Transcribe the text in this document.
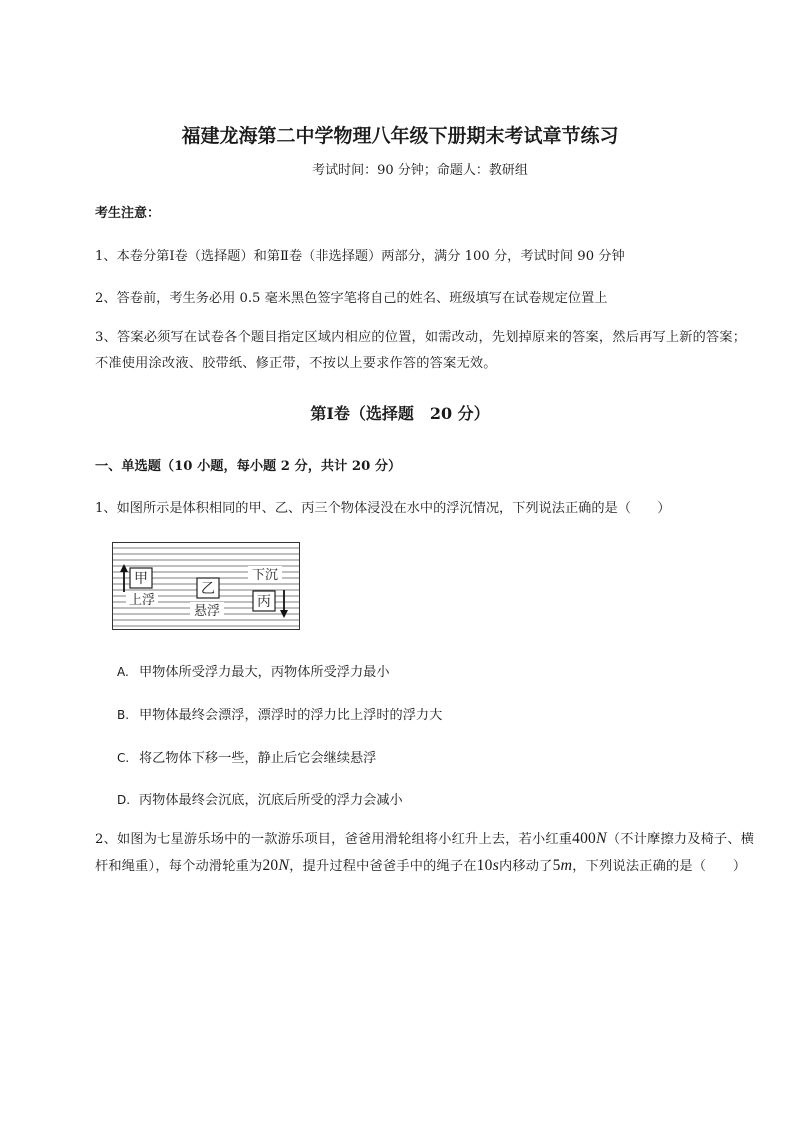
福建龙海第二中学物理八年级下册期末考试章节练习
考试时间：90 分钟；命题人：教研组
考生注意：
1、本卷分第Ⅰ卷（选择题）和第Ⅱ卷（非选择题）两部分，满分 100 分，考试时间 90 分钟
2、答卷前，考生务必用 0.5 毫米黑色签字笔将自己的姓名、班级填写在试卷规定位置上
3、答案必须写在试卷各个题目指定区域内相应的位置，如需改动，先划掉原来的答案，然后再写上新的答案；不准使用涂改液、胶带纸、修正带，不按以上要求作答的答案无效。
第Ⅰ卷（选择题　20 分）
一、单选题（10 小题，每小题 2 分，共计 20 分）
1、如图所示是体积相同的甲、乙、丙三个物体浸没在水中的浮沉情况，下列说法正确的是（　　）
甲
上浮
乙
悬浮
下沉
丙
A. 甲物体所受浮力最大，丙物体所受浮力最小
B. 甲物体最终会漂浮，漂浮时的浮力比上浮时的浮力大
C. 将乙物体下移一些，静止后它会继续悬浮
D. 丙物体最终会沉底，沉底后所受的浮力会减小
2、如图为七星游乐场中的一款游乐项目，爸爸用滑轮组将小红升上去，若小红重400N（不计摩擦力及椅子、横杆和绳重），每个动滑轮重为20N，提升过程中爸爸手中的绳子在10s内移动了5m，下列说法正确的是（　　）
